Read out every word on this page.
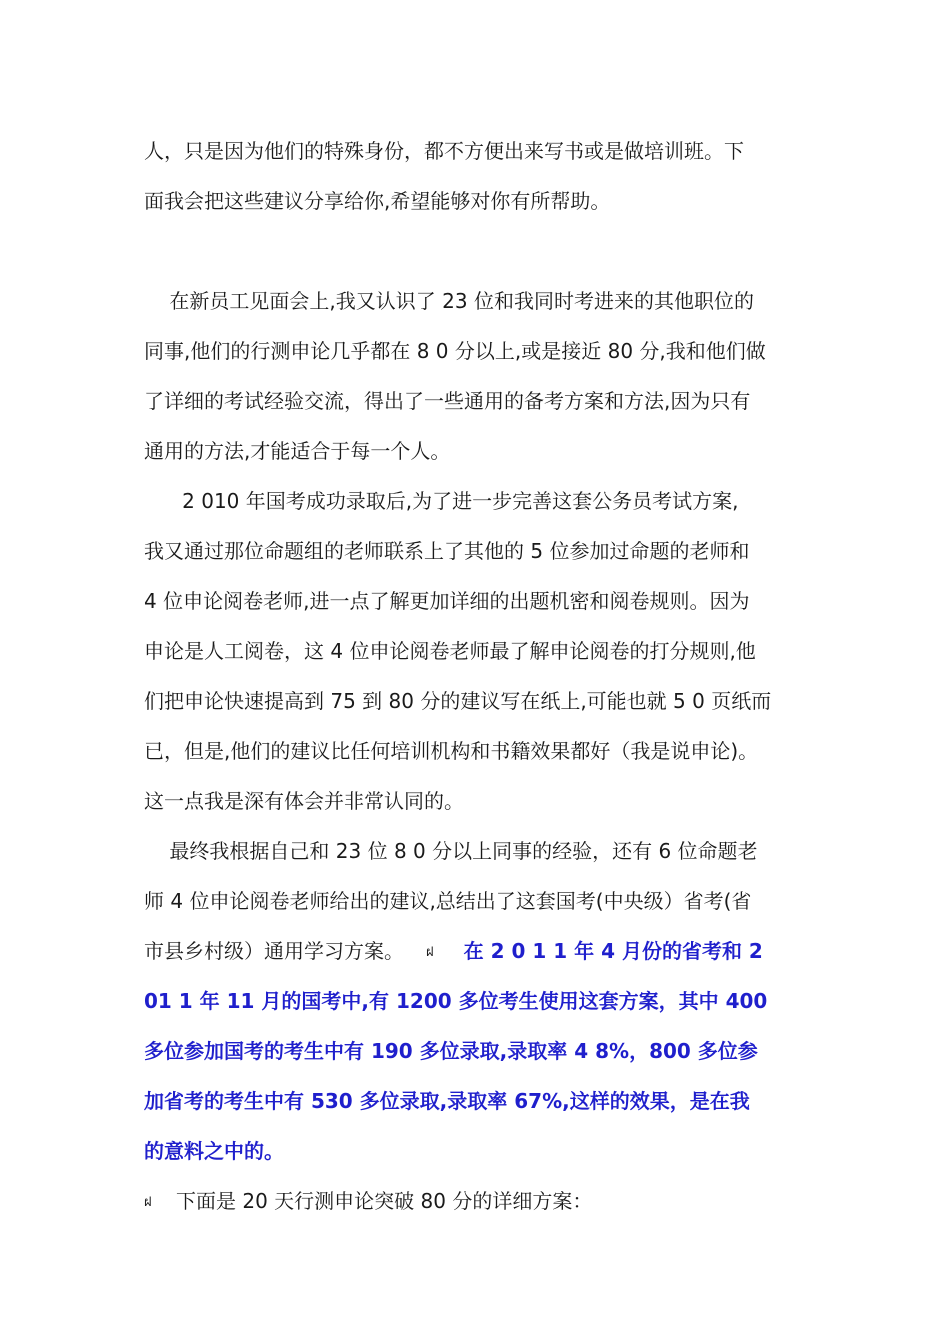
人，只是因为他们的特殊身份，都不方便出来写书或是做培训班。下
面我会把这些建议分享给你,希望能够对你有所帮助。
在新员工见面会上,我又认识了 23 位和我同时考进来的其他职位的
同事,他们的行测申论几乎都在 8 0 分以上,或是接近 80 分,我和他们做
了详细的考试经验交流，得出了一些通用的备考方案和方法,因为只有
通用的方法,才能适合于每一个人。
2 010 年国考成功录取后,为了进一步完善这套公务员考试方案,
我又通过那位命题组的老师联系上了其他的 5 位参加过命题的老师和
4 位申论阅卷老师,进一点了解更加详细的出题机密和阅卷规则。因为
申论是人工阅卷，这 4 位申论阅卷老师最了解申论阅卷的打分规则,他
们把申论快速提高到 75 到 80 分的建议写在纸上,可能也就 5 0 页纸而
已，但是,他们的建议比任何培训机构和书籍效果都好（我是说申论)。
这一点我是深有体会并非常认同的。
最终我根据自己和 23 位 8 0 分以上同事的经验，还有 6 位命题老
师 4 位申论阅卷老师给出的建议,总结出了这套国考(中央级）省考(省
市县乡村级）通用学习方案。 ฝ 在 2 0 1 1 年 4 月份的省考和 2
01 1 年 11 月的国考中,有 1200 多位考生使用这套方案，其中 400
多位参加国考的考生中有 190 多位录取,录取率 4 8%，800 多位参
加省考的考生中有 530 多位录取,录取率 67%,这样的效果，是在我
的意料之中的。
ฝ 下面是 20 天行测申论突破 80 分的详细方案：
